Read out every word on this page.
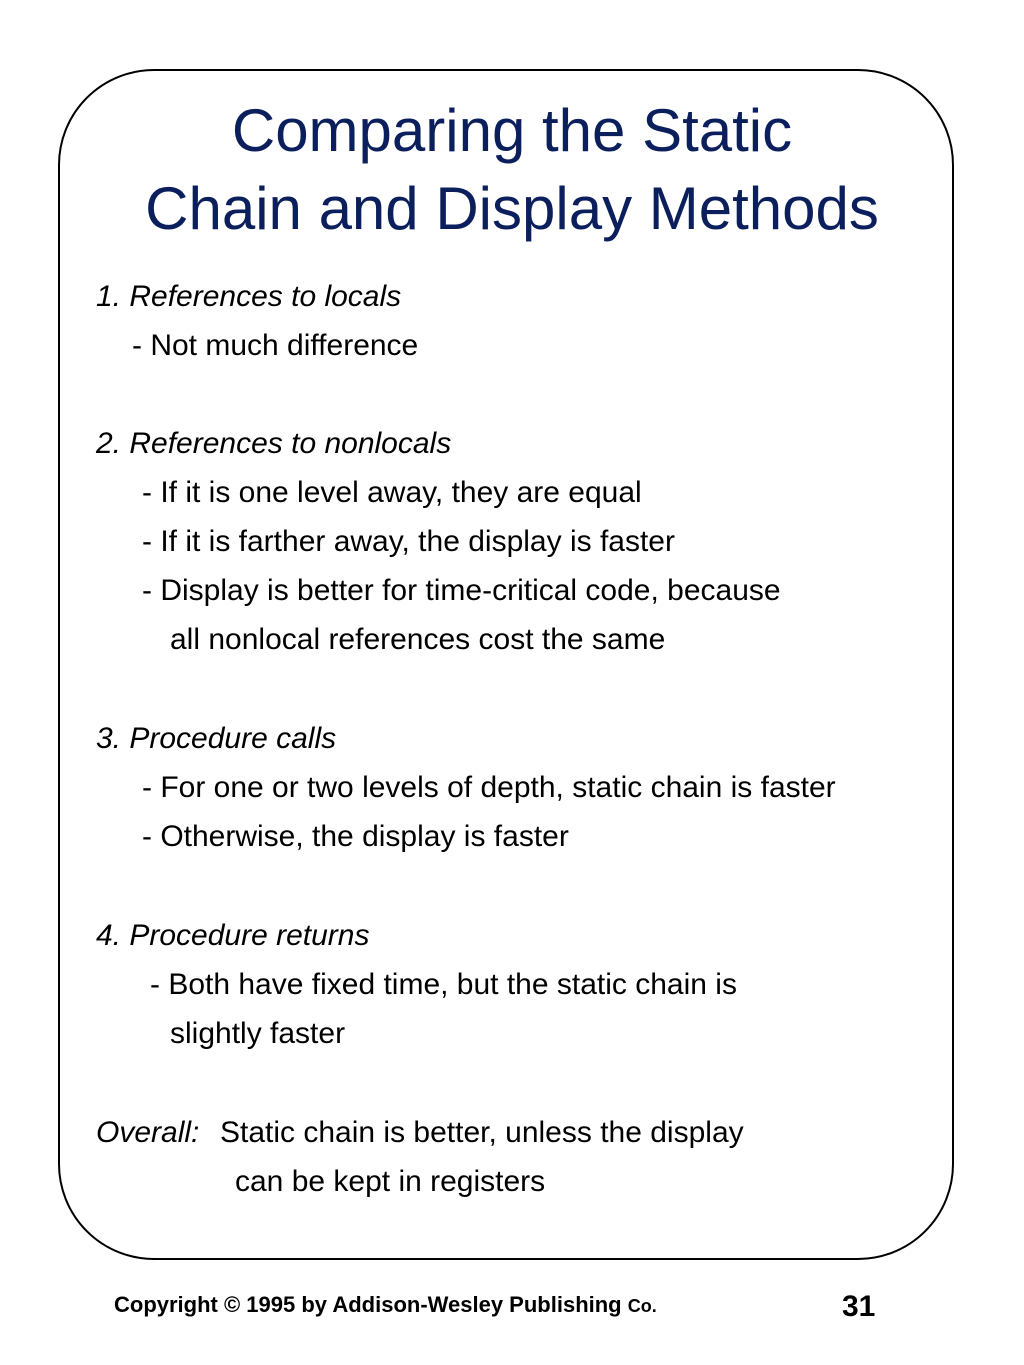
Comparing the Static
Chain and Display Methods
1. References to locals
- Not much difference
2. References to nonlocals
- If it is one level away, they are equal
- If it is farther away, the display is faster
- Display is better for time-critical code, because
all nonlocal references cost the same
3. Procedure calls
- For one or two levels of depth, static chain is faster
- Otherwise, the display is faster
4. Procedure returns
- Both have fixed time, but the static chain is
slightly faster
Overall: Static chain is better, unless the display
can be kept in registers
Copyright © 1995 by Addison-Wesley Publishing Co.	31
